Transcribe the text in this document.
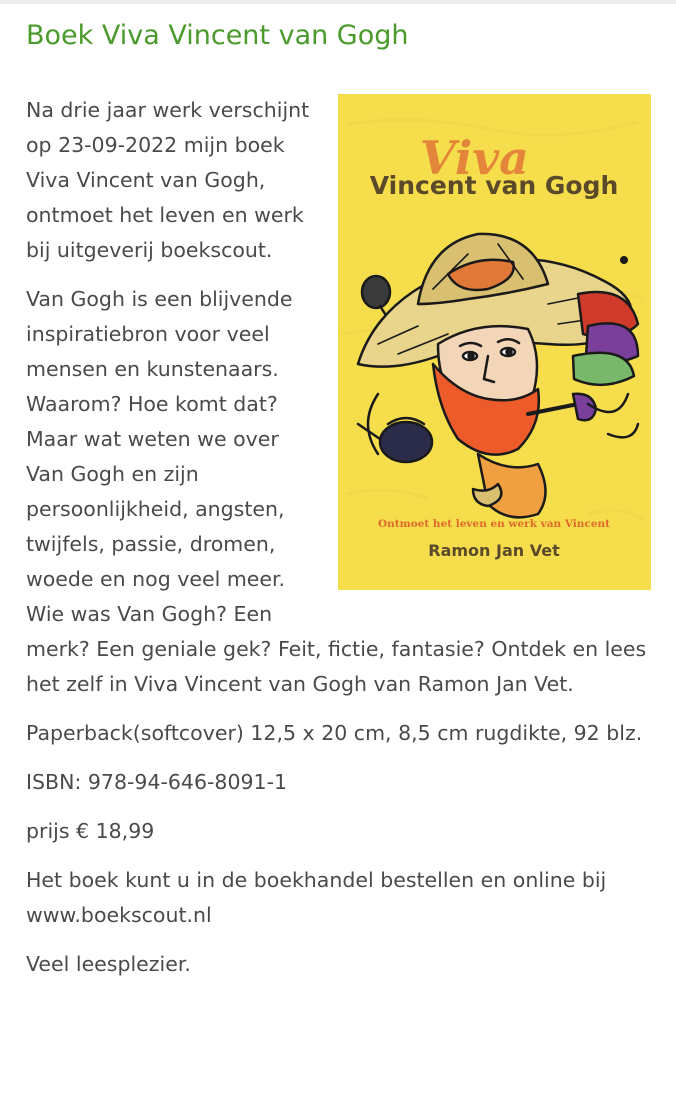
Boek Viva Vincent van Gogh
Viva
Vincent van Gogh
Ontmoet het leven en werk van Vincent
Ramon Jan Vet

Na drie jaar werk verschijnt op 23-09-2022 mijn boek Viva Vincent van Gogh, ontmoet het leven en werk bij uitgeverij boekscout.

Van Gogh is een blijvende inspiratiebron voor veel mensen en kunstenaars. Waarom? Hoe komt dat? Maar wat weten we over Van Gogh en zijn persoonlijkheid, angsten, twijfels, passie, dromen, woede en nog veel meer. Wie was Van Gogh? Een merk? Een geniale gek? Feit, fictie, fantasie? Ontdek en lees het zelf in Viva Vincent van Gogh van Ramon Jan Vet.

Paperback(softcover) 12,5 x 20 cm, 8,5 cm rugdikte, 92 blz.

ISBN: 978-94-646-8091-1

prijs € 18,99

Het boek kunt u in de boekhandel bestellen en online bij www.boekscout.nl

Veel leesplezier.
